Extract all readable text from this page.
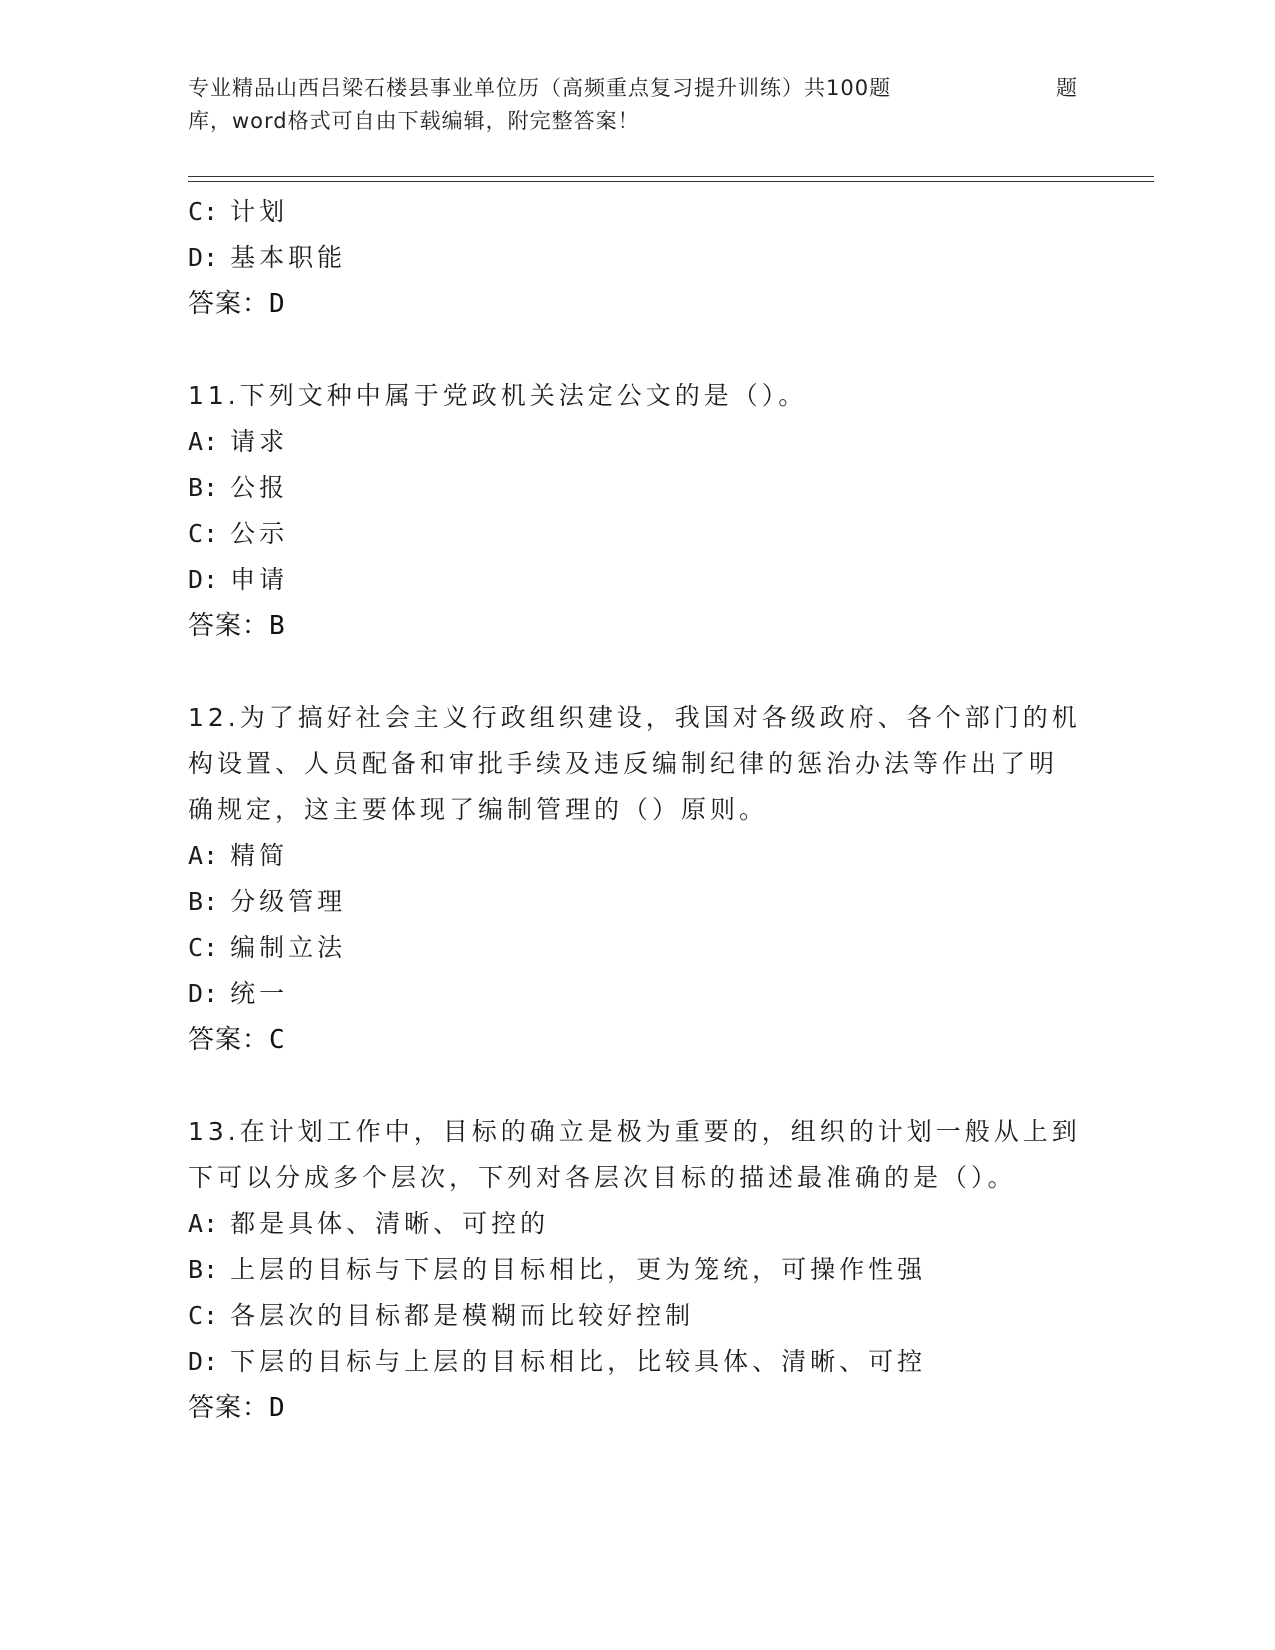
专业精品山西吕梁石楼县事业单位历（高频重点复习提升训练）共100题	题
库，word格式可自由下载编辑，附完整答案！
C: 计划
D: 基本职能
答案：D
11.下列文种中属于党政机关法定公文的是（）。
A: 请求
B: 公报
C: 公示
D: 申请
答案：B
12.为了搞好社会主义行政组织建设，我国对各级政府、各个部门的机
构设置、人员配备和审批手续及违反编制纪律的惩治办法等作出了明
确规定，这主要体现了编制管理的（）原则。
A: 精简
B: 分级管理
C: 编制立法
D: 统一
答案：C
13.在计划工作中，目标的确立是极为重要的，组织的计划一般从上到
下可以分成多个层次，下列对各层次目标的描述最准确的是（）。
A: 都是具体、清晰、可控的
B: 上层的目标与下层的目标相比，更为笼统，可操作性强
C: 各层次的目标都是模糊而比较好控制
D: 下层的目标与上层的目标相比，比较具体、清晰、可控
答案：D
